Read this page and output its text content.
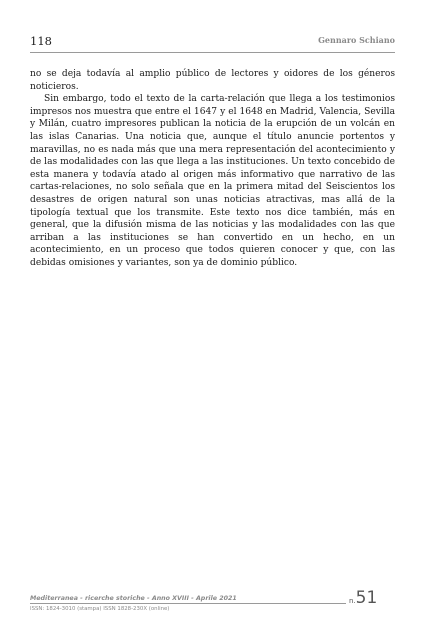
118	Gennaro Schiano

no se deja todavía al amplio público de lectores y oidores de los géneros noticieros.

Sin embargo, todo el texto de la carta-relación que llega a los testimonios impresos nos muestra que entre el 1647 y el 1648 en Madrid, Valencia, Sevilla y Milán, cuatro impresores publican la noticia de la erupción de un volcán en las islas Canarias. Una noticia que, aunque el título anuncie portentos y maravillas, no es nada más que una mera representación del acontecimiento y de las modalidades con las que llega a las instituciones. Un texto concebido de esta manera y todavía atado al origen más informativo que narrativo de las cartas-relaciones, no solo señala que en la primera mitad del Seiscientos los desastres de origen natural son unas noticias atractivas, mas allá de la tipología textual que los transmite. Este texto nos dice también, más en general, que la difusión misma de las noticias y las modalidades con las que arriban a las instituciones se han convertido en un hecho, en un acontecimiento, en un proceso que todos quieren conocer y que, con las debidas omisiones y variantes, son ya de dominio público.

Mediterranea - ricerche storiche - Anno XVIII - Aprile 2021
ISSN: 1824-3010 (stampa) ISSN 1828-230X (online)
n.51
